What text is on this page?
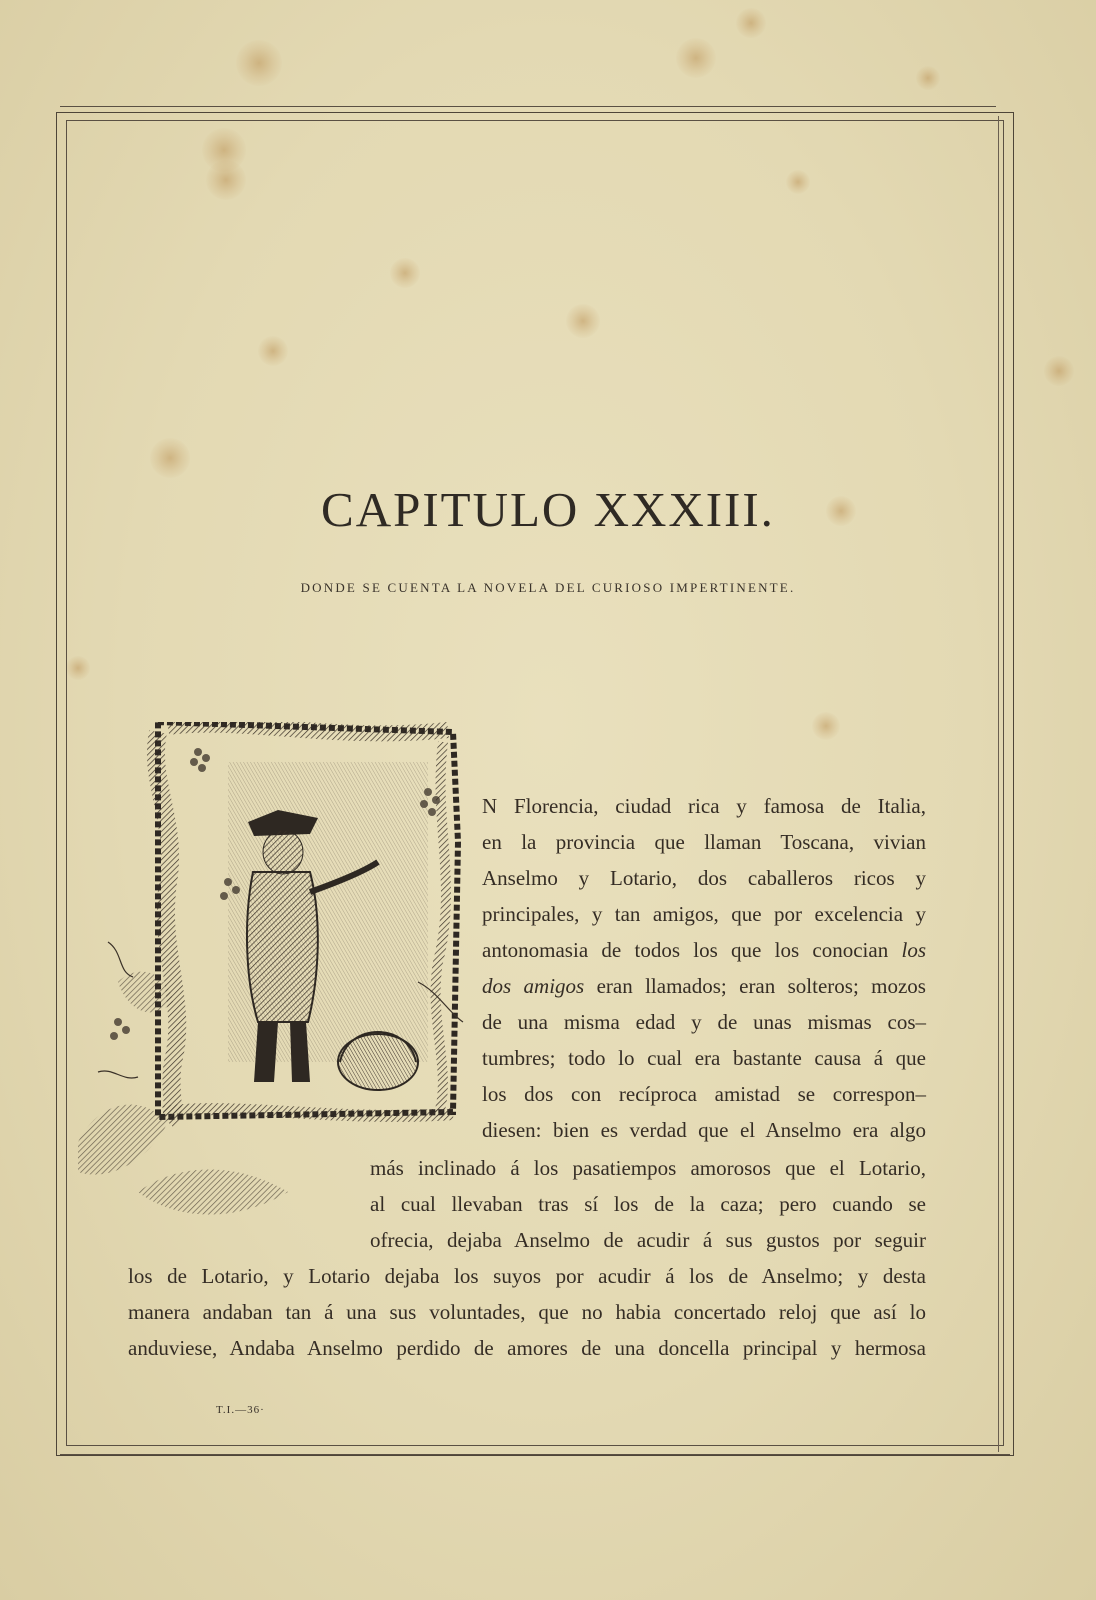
CAPITULO XXXIII.
DONDE SE CUENTA LA NOVELA DEL CURIOSO IMPERTINENTE.
N Florencia, ciudad rica y famosa de Italia,
en la provincia que llaman Toscana, vivian
Anselmo y Lotario, dos caballeros ricos y
principales, y tan amigos, que por excelencia y
antonomasia de todos los que los conocian los
dos amigos eran llamados; eran solteros; mozos
de una misma edad y de unas mismas cos–
tumbres; todo lo cual era bastante causa á que
los dos con recíproca amistad se correspon–
diesen: bien es verdad que el Anselmo era algo
más inclinado á los pasatiempos amorosos que el Lotario,
al cual llevaban tras sí los de la caza; pero cuando se
ofrecia, dejaba Anselmo de acudir á sus gustos por seguir
los de Lotario, y Lotario dejaba los suyos por acudir á los de Anselmo; y desta
manera andaban tan á una sus voluntades, que no habia concertado reloj que así lo
anduviese, Andaba Anselmo perdido de amores de una doncella principal y hermosa
T.I.—36·
